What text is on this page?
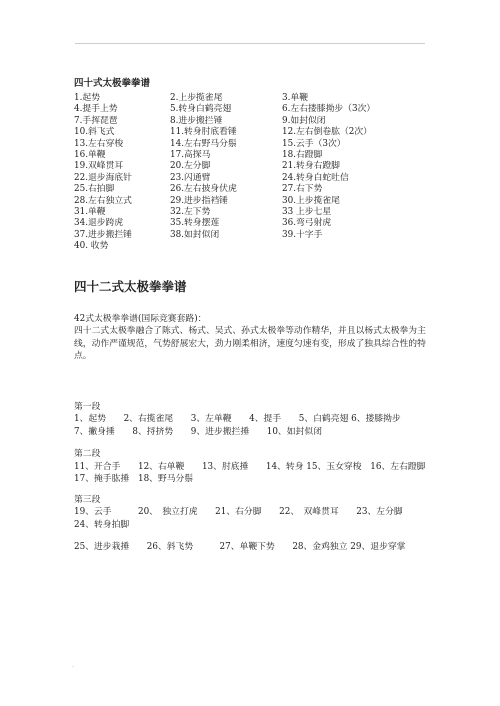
四十式太极拳拳谱
1.起势	2.上步揽雀尾	3.单鞭
4.提手上势	5.转身白鹤亮翅	6.左右搂膝拗步（3次）
7.手挥琵琶	8.进步搬拦锤	9.如封似闭
10.斜飞式	11.转身肘底看锤	12.左右倒卷肱（2次）
13.左右穿梭	14.左右野马分鬃	15.云手（3次）
16.单鞭	17.高探马	18.右蹬脚
19.双峰贯耳	20.左分脚	21.转身右蹬脚
22.退步海底针	23.闪通臂	24.转身白蛇吐信
25.右拍脚	26.左右披身伏虎	27.右下势
28.左右独立式	29.进步指裆锤	30.上步揽雀尾
31.单鞭	32.左下势	33 上步七星
34.退步跨虎	35.转身摆莲	36.弯弓射虎
37.进步搬拦锤	38.如封似闭	39.十字手
40. 收势
四十二式太极拳拳谱

42式太极拳拳谱(国际竞赛套路)：

四十二式太极拳融合了陈式、杨式、吴式、孙式太极拳等动作精华，并且以杨式太极拳为主线，动作严谨规范，气势舒展宏大，劲力刚柔相济，速度匀速有变，形成了独具综合性的特点。

第一段
1、起势　　2、右揽雀尾　　3、左单鞭　　4、提手　　5、白鹤亮翅 6、搂膝拗步　　7、撇身捶　　8、捋挤势　　9、进步搬拦捶　　10、如封似闭
第二段
11、开合手　　12、右单鞭　　13、肘底捶　　14、转身 15、玉女穿梭　16、左右蹬脚　　17、掩手肱捶　18、野马分鬃
第三段
19、云手　　　20、　独立打虎　　21、右分脚　　22、　双峰贯耳　　23、左分脚　24、转身拍脚
25、进步栽捶　　26、斜飞势　　　27、单鞭下势　　28、金鸡独立 29、退步穿掌
.
